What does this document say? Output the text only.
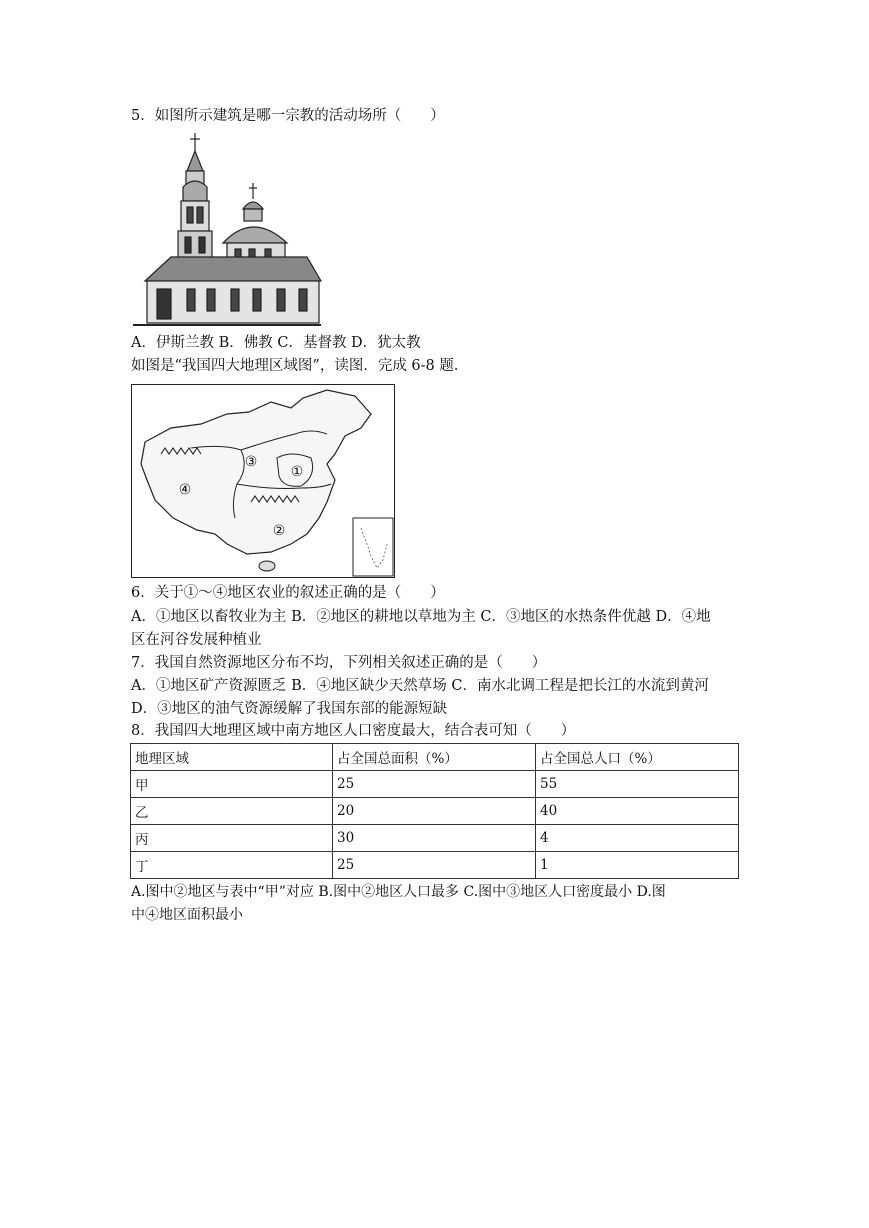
5．如图所示建筑是哪一宗教的活动场所（　　）
A．伊斯兰教 B．佛教 C．基督教 D．犹太教
如图是“我国四大地理区域图”，读图．完成 6-8 题．
①
②
③
④
6．关于①～④地区农业的叙述正确的是（　　）
A．①地区以畜牧业为主 B．②地区的耕地以草地为主 C．③地区的水热条件优越 D．④地
区在河谷发展种植业
7．我国自然资源地区分布不均，下列相关叙述正确的是（　　）
A．①地区矿产资源匮乏 B．④地区缺少天然草场 C．南水北调工程是把长江的水流到黄河
D．③地区的油气资源缓解了我国东部的能源短缺
8．我国四大地理区域中南方地区人口密度最大，结合表可知（　　）
地理区域	占全国总面积（%）	占全国总人口（%）
甲	25	55
乙	20	40
丙	30	4
丁	25	1
A.图中②地区与表中“甲”对应 B.图中②地区人口最多 C.图中③地区人口密度最小 D.图
中④地区面积最小
